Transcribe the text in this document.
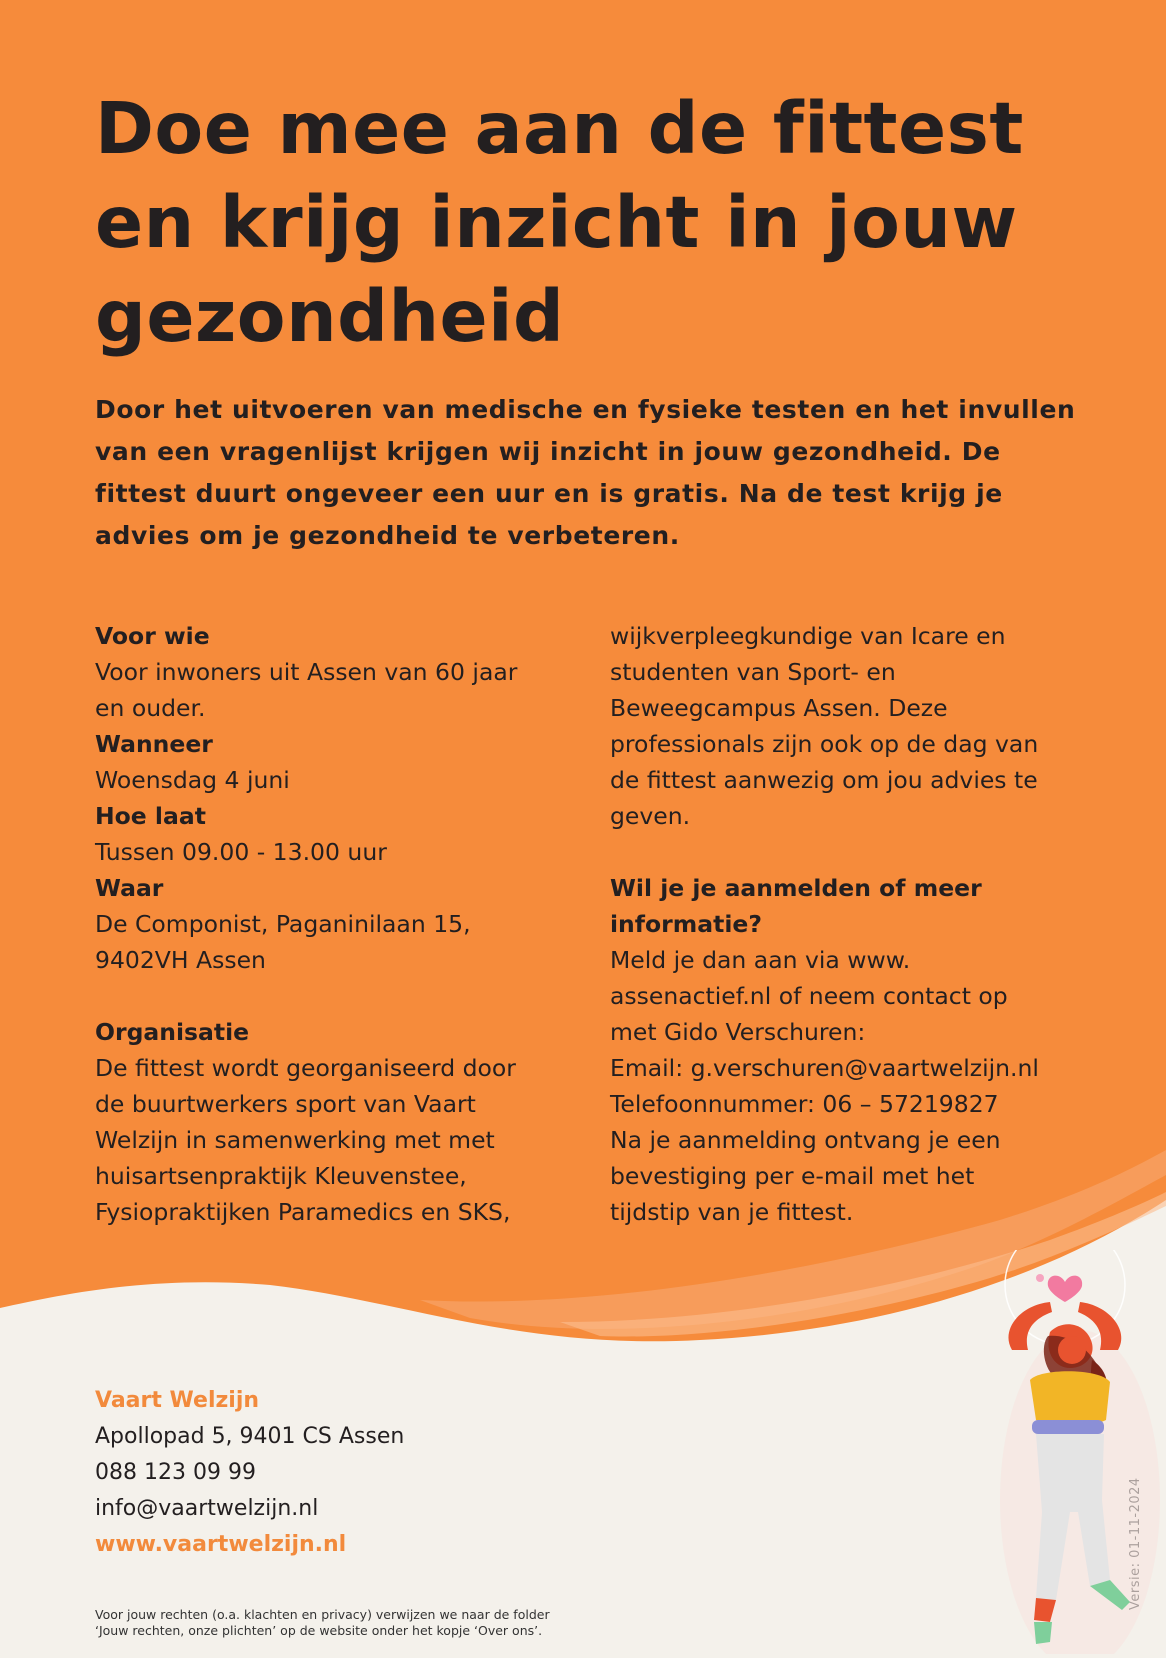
Doe mee aan de fittest
en krijg inzicht in jouw
gezondheid

Door het uitvoeren van medische en fysieke testen en het invullen
van een vragenlijst krijgen wij inzicht in jouw gezondheid. De
fittest duurt ongeveer een uur en is gratis. Na de test krijg je
advies om je gezondheid te verbeteren.

Voor wie
Voor inwoners uit Assen van 60 jaar
en ouder.
Wanneer
Woensdag 4 juni
Hoe laat
Tussen 09.00 - 13.00 uur
Waar
De Componist, Paganinilaan 15,
9402VH Assen
Organisatie
De fittest wordt georganiseerd door
de buurtwerkers sport van Vaart
Welzijn in samenwerking met met
huisartsenpraktijk Kleuvenstee,
Fysiopraktijken Paramedics en SKS,
wijkverpleegkundige van Icare en
studenten van Sport- en
Beweegcampus Assen. Deze
professionals zijn ook op de dag van
de fittest aanwezig om jou advies te
geven.
Wil je je aanmelden of meer
informatie?
Meld je dan aan via www.
assenactief.nl of neem contact op
met Gido Verschuren:
Email: g.verschuren@vaartwelzijn.nl
Telefoonnummer: 06 – 57219827
Na je aanmelding ontvang je een
bevestiging per e-mail met het
tijdstip van je fittest.
Vaart Welzijn
Apollopad 5, 9401 CS Assen
088 123 09 99
info@vaartwelzijn.nl
www.vaartwelzijn.nl
Voor jouw rechten (o.a. klachten en privacy) verwijzen we naar de folder
‘Jouw rechten, onze plichten’ op de website onder het kopje ‘Over ons’.
